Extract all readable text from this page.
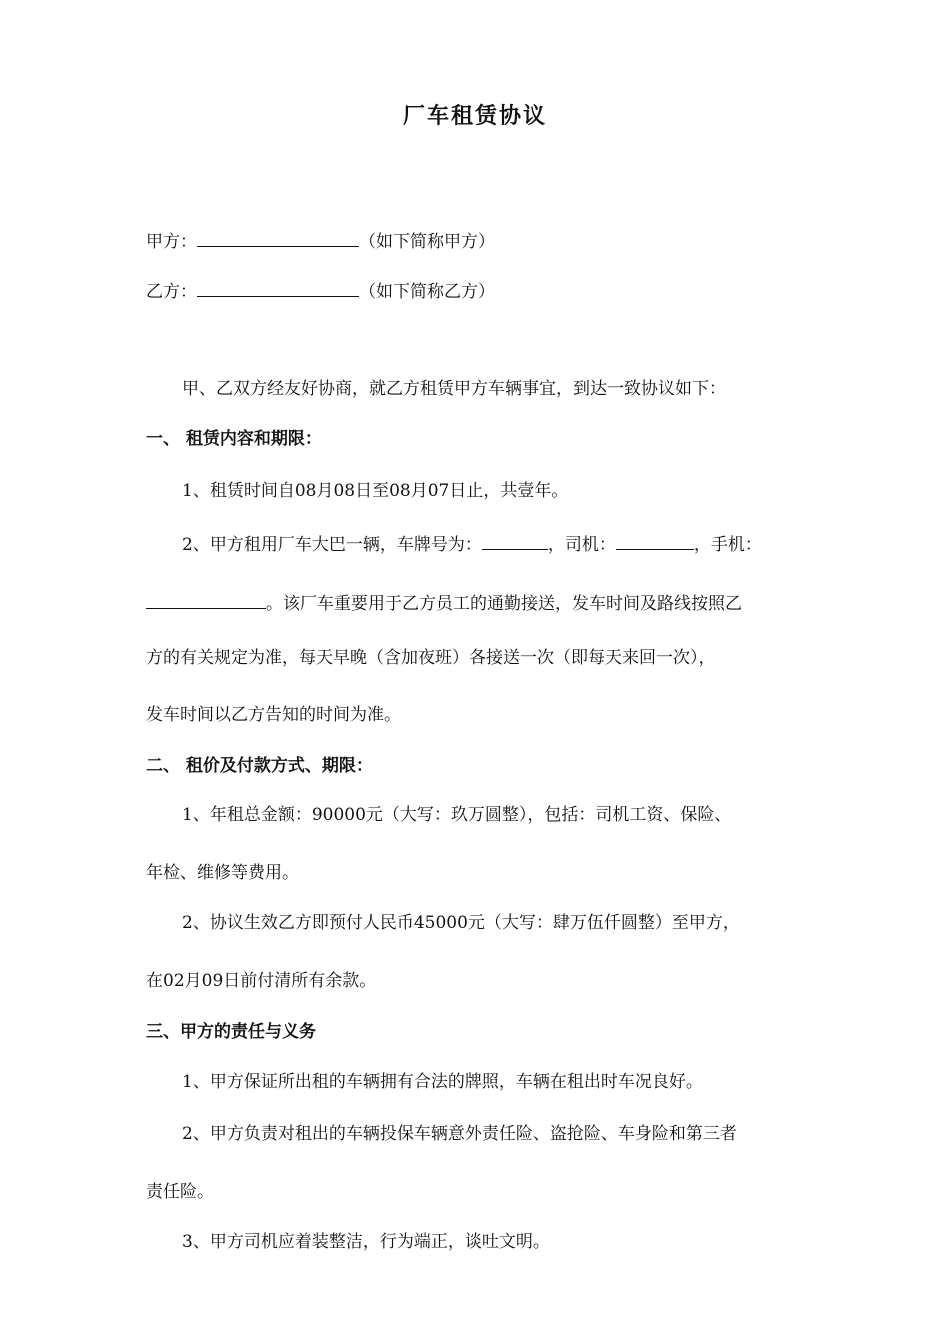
厂车租赁协议
甲方：	（如下简称甲方）
乙方：	（如下简称乙方）
甲、乙双方经友好协商，就乙方租赁甲方车辆事宜，到达一致协议如下：
一、 租赁内容和期限：
1、租赁时间自08月08日至08月07日止，共壹年。
2、甲方租用厂车大巴一辆，车牌号为：	，司机：	，手机：
。该厂车重要用于乙方员工的通勤接送，发车时间及路线按照乙
方的有关规定为准，每天早晚（含加夜班）各接送一次（即每天来回一次），
发车时间以乙方告知的时间为准。
二、 租价及付款方式、期限：
1、年租总金额：90000元（大写：玖万圆整），包括：司机工资、保险、
年检、维修等费用。
2、协议生效乙方即预付人民币45000元（大写：肆万伍仟圆整）至甲方，
在02月09日前付清所有余款。
三、甲方的责任与义务
1、甲方保证所出租的车辆拥有合法的牌照，车辆在租出时车况良好。
2、甲方负责对租出的车辆投保车辆意外责任险、盗抢险、车身险和第三者
责任险。
3、甲方司机应着装整洁，行为端正，谈吐文明。
